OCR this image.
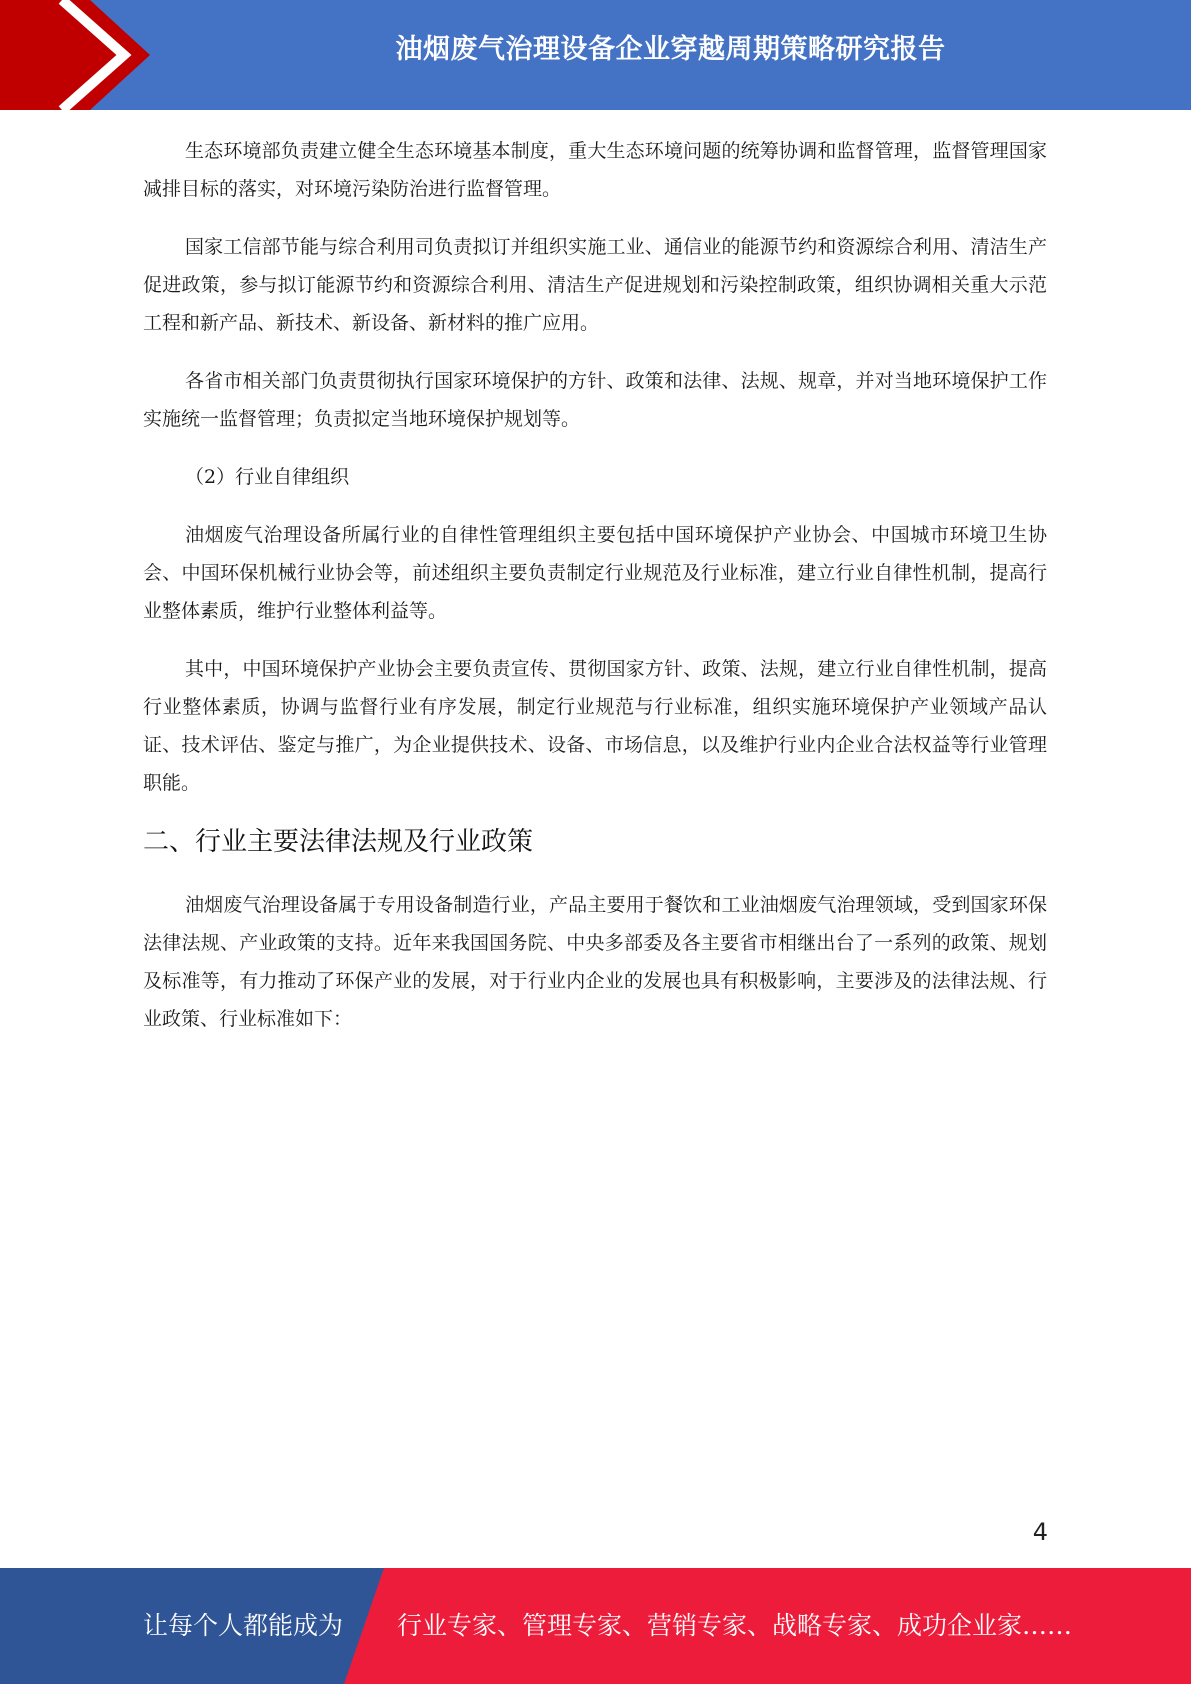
油烟废气治理设备企业穿越周期策略研究报告

生态环境部负责建立健全生态环境基本制度，重大生态环境问题的统筹协调和监督管理，监督管理国家减排目标的落实，对环境污染防治进行监督管理。

国家工信部节能与综合利用司负责拟订并组织实施工业、通信业的能源节约和资源综合利用、清洁生产促进政策，参与拟订能源节约和资源综合利用、清洁生产促进规划和污染控制政策，组织协调相关重大示范工程和新产品、新技术、新设备、新材料的推广应用。

各省市相关部门负责贯彻执行国家环境保护的方针、政策和法律、法规、规章，并对当地环境保护工作实施统一监督管理；负责拟定当地环境保护规划等。

（2）行业自律组织

油烟废气治理设备所属行业的自律性管理组织主要包括中国环境保护产业协会、中国城市环境卫生协会、中国环保机械行业协会等，前述组织主要负责制定行业规范及行业标准，建立行业自律性机制，提高行业整体素质，维护行业整体利益等。

其中，中国环境保护产业协会主要负责宣传、贯彻国家方针、政策、法规，建立行业自律性机制，提高行业整体素质，协调与监督行业有序发展，制定行业规范与行业标准，组织实施环境保护产业领域产品认证、技术评估、鉴定与推广，为企业提供技术、设备、市场信息，以及维护行业内企业合法权益等行业管理职能。

二、行业主要法律法规及行业政策

油烟废气治理设备属于专用设备制造行业，产品主要用于餐饮和工业油烟废气治理领域，受到国家环保法律法规、产业政策的支持。近年来我国国务院、中央多部委及各主要省市相继出台了一系列的政策、规划及标准等，有力推动了环保产业的发展，对于行业内企业的发展也具有积极影响，主要涉及的法律法规、行业政策、行业标准如下：

4
让每个人都能成为 行业专家、管理专家、营销专家、战略专家、成功企业家……
